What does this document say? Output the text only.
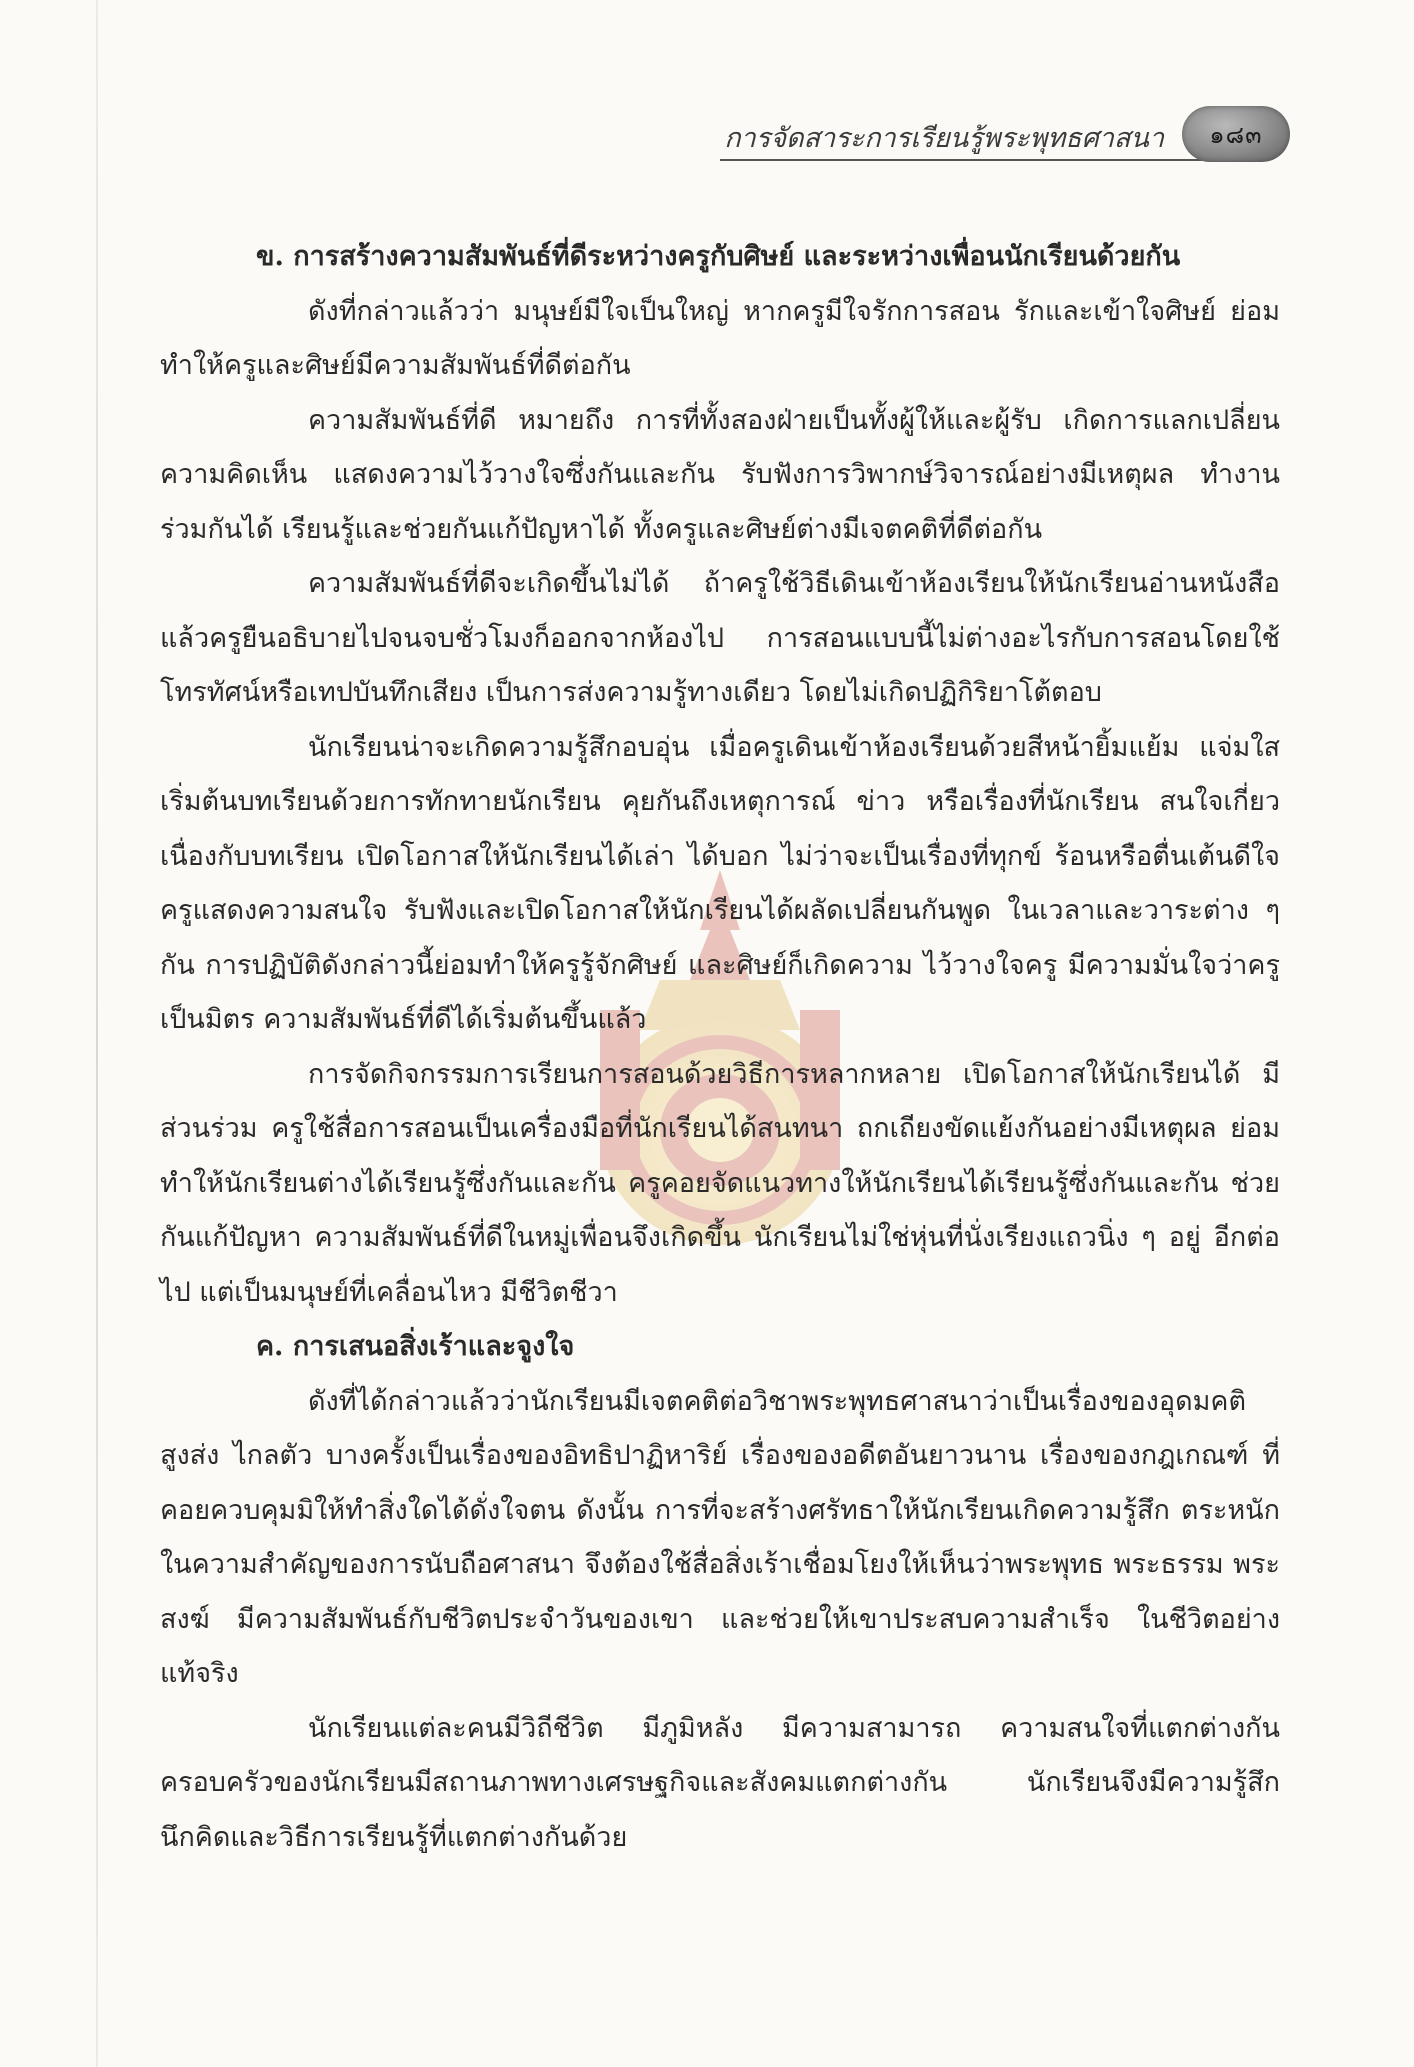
การจัดสาระการเรียนรู้พระพุทธศาสนา ๑๘๓

ข. การสร้างความสัมพันธ์ที่ดีระหว่างครูกับศิษย์ และระหว่างเพื่อนนักเรียนด้วยกัน

ดังที่กล่าวแล้วว่า มนุษย์มีใจเป็นใหญ่ หากครูมีใจรักการสอน รักและเข้าใจศิษย์ ย่อมทำให้ครูและศิษย์มีความสัมพันธ์ที่ดีต่อกัน

ความสัมพันธ์ที่ดี หมายถึง การที่ทั้งสองฝ่ายเป็นทั้งผู้ให้และผู้รับ เกิดการแลกเปลี่ยน ความคิดเห็น แสดงความไว้วางใจซึ่งกันและกัน รับฟังการวิพากษ์วิจารณ์อย่างมีเหตุผล ทำงาน ร่วมกันได้ เรียนรู้และช่วยกันแก้ปัญหาได้ ทั้งครูและศิษย์ต่างมีเจตคติที่ดีต่อกัน

ความสัมพันธ์ที่ดีจะเกิดขึ้นไม่ได้ ถ้าครูใช้วิธีเดินเข้าห้องเรียนให้นักเรียนอ่านหนังสือ แล้วครูยืนอธิบายไปจนจบชั่วโมงก็ออกจากห้องไป การสอนแบบนี้ไม่ต่างอะไรกับการสอนโดยใช้ โทรทัศน์หรือเทปบันทึกเสียง เป็นการส่งความรู้ทางเดียว โดยไม่เกิดปฏิกิริยาโต้ตอบ

นักเรียนน่าจะเกิดความรู้สึกอบอุ่น เมื่อครูเดินเข้าห้องเรียนด้วยสีหน้ายิ้มแย้ม แจ่มใส เริ่มต้นบทเรียนด้วยการทักทายนักเรียน คุยกันถึงเหตุการณ์ ข่าว หรือเรื่องที่นักเรียน สนใจเกี่ยวเนื่องกับบทเรียน เปิดโอกาสให้นักเรียนได้เล่า ได้บอก ไม่ว่าจะเป็นเรื่องที่ทุกข์ ร้อนหรือตื่นเต้นดีใจ ครูแสดงความสนใจ รับฟังและเปิดโอกาสให้นักเรียนได้ผลัดเปลี่ยนกันพูด ในเวลาและวาระต่าง ๆ กัน การปฏิบัติดังกล่าวนี้ย่อมทำให้ครูรู้จักศิษย์ และศิษย์ก็เกิดความ ไว้วางใจครู มีความมั่นใจว่าครูเป็นมิตร ความสัมพันธ์ที่ดีได้เริ่มต้นขึ้นแล้ว

การจัดกิจกรรมการเรียนการสอนด้วยวิธีการหลากหลาย เปิดโอกาสให้นักเรียนได้ มีส่วนร่วม ครูใช้สื่อการสอนเป็นเครื่องมือที่นักเรียนได้สนทนา ถกเถียงขัดแย้งกันอย่างมีเหตุผล ย่อมทำให้นักเรียนต่างได้เรียนรู้ซึ่งกันและกัน ครูคอยจัดแนวทางให้นักเรียนได้เรียนรู้ซึ่งกันและกัน ช่วยกันแก้ปัญหา ความสัมพันธ์ที่ดีในหมู่เพื่อนจึงเกิดขึ้น นักเรียนไม่ใช่หุ่นที่นั่งเรียงแถวนิ่ง ๆ อยู่ อีกต่อไป แต่เป็นมนุษย์ที่เคลื่อนไหว มีชีวิตชีวา

ค. การเสนอสิ่งเร้าและจูงใจ

ดังที่ได้กล่าวแล้วว่านักเรียนมีเจตคติต่อวิชาพระพุทธศาสนาว่าเป็นเรื่องของอุดมคติ สูงส่ง ไกลตัว บางครั้งเป็นเรื่องของอิทธิปาฏิหาริย์ เรื่องของอดีตอันยาวนาน เรื่องของกฎเกณฑ์ ที่คอยควบคุมมิให้ทำสิ่งใดได้ดั่งใจตน ดังนั้น การที่จะสร้างศรัทธาให้นักเรียนเกิดความรู้สึก ตระหนักในความสำคัญของการนับถือศาสนา จึงต้องใช้สื่อสิ่งเร้าเชื่อมโยงให้เห็นว่าพระพุทธ พระธรรม พระสงฆ์ มีความสัมพันธ์กับชีวิตประจำวันของเขา และช่วยให้เขาประสบความสำเร็จ ในชีวิตอย่างแท้จริง

นักเรียนแต่ละคนมีวิถีชีวิต มีภูมิหลัง มีความสามารถ ความสนใจที่แตกต่างกัน ครอบครัวของนักเรียนมีสถานภาพทางเศรษฐกิจและสังคมแตกต่างกัน นักเรียนจึงมีความรู้สึก นึกคิดและวิธีการเรียนรู้ที่แตกต่างกันด้วย
